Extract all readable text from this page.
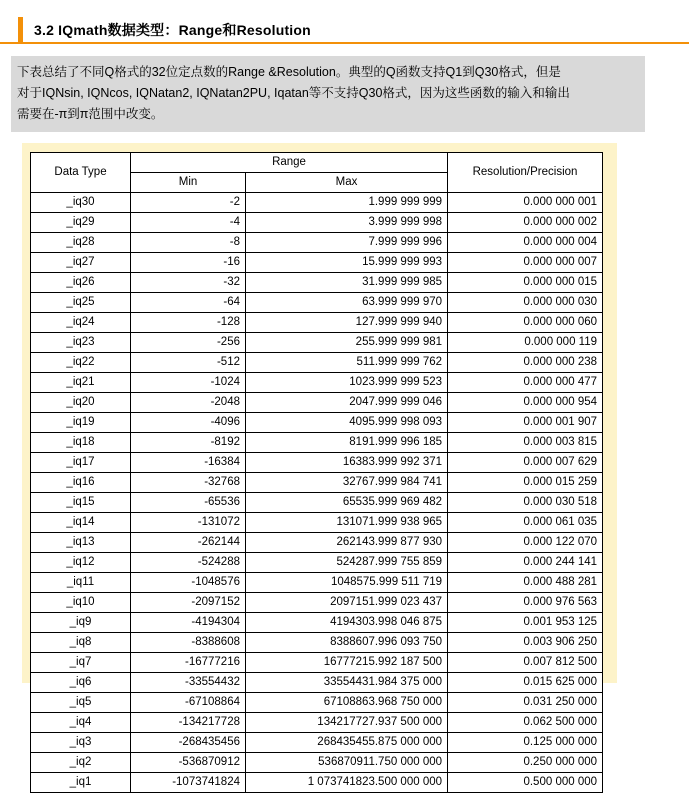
3.2 IQmath数据类型：Range和Resolution
下表总结了不同Q格式的32位定点数的Range &Resolution。典型的Q函数支持Q1到Q30格式，但是
对于IQNsin, IQNcos, IQNatan2, IQNatan2PU, Iqatan等不支持Q30格式，因为这些函数的输入和输出
需要在-π到π范围中改变。
Data Type	Range		Resolution/Precision
	Min	Max	
_iq30	-2	1.999 999 999	0.000 000 001
_iq29	-4	3.999 999 998	0.000 000 002
_iq28	-8	7.999 999 996	0.000 000 004
_iq27	-16	15.999 999 993	0.000 000 007
_iq26	-32	31.999 999 985	0.000 000 015
_iq25	-64	63.999 999 970	0.000 000 030
_iq24	-128	127.999 999 940	0.000 000 060
_iq23	-256	255.999 999 981	0.000 000 119
_iq22	-512	511.999 999 762	0.000 000 238
_iq21	-1024	1023.999 999 523	0.000 000 477
_iq20	-2048	2047.999 999 046	0.000 000 954
_iq19	-4096	4095.999 998 093	0.000 001 907
_iq18	-8192	8191.999 996 185	0.000 003 815
_iq17	-16384	16383.999 992 371	0.000 007 629
_iq16	-32768	32767.999 984 741	0.000 015 259
_iq15	-65536	65535.999 969 482	0.000 030 518
_iq14	-131072	131071.999 938 965	0.000 061 035
_iq13	-262144	262143.999 877 930	0.000 122 070
_iq12	-524288	524287.999 755 859	0.000 244 141
_iq11	-1048576	1048575.999 511 719	0.000 488 281
_iq10	-2097152	2097151.999 023 437	0.000 976 563
_iq9	-4194304	4194303.998 046 875	0.001 953 125
_iq8	-8388608	8388607.996 093 750	0.003 906 250
_iq7	-16777216	16777215.992 187 500	0.007 812 500
_iq6	-33554432	33554431.984 375 000	0.015 625 000
_iq5	-67108864	67108863.968 750 000	0.031 250 000
_iq4	-134217728	134217727.937 500 000	0.062 500 000
_iq3	-268435456	268435455.875 000 000	0.125 000 000
_iq2	-536870912	536870911.750 000 000	0.250 000 000
_iq1	-1073741824	1 073741823.500 000 000	0.500 000 000
